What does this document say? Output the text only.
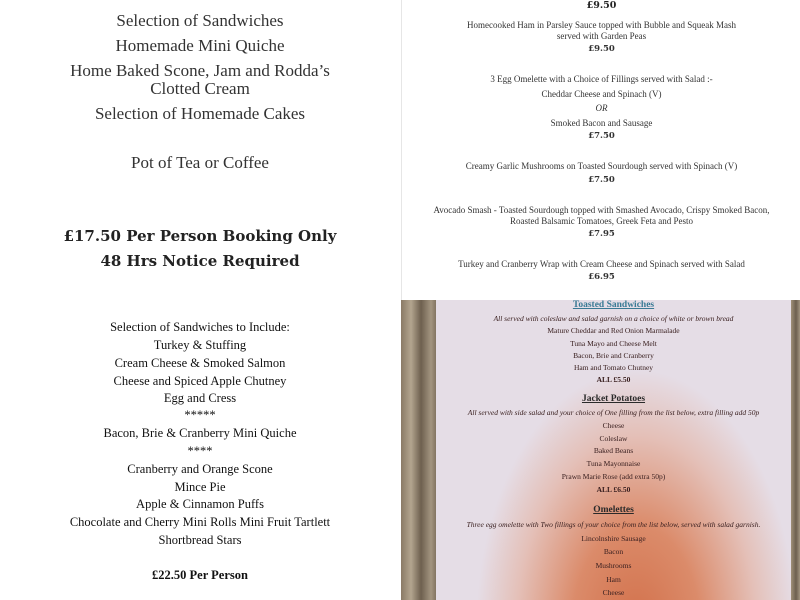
Selection of Sandwiches
Homemade Mini Quiche
Home Baked Scone, Jam and Rodda’s
Clotted Cream
Selection of Homemade Cakes
Pot of Tea or Coffee
£17.50 Per Person Booking Only
48 Hrs Notice Required
Selection of Sandwiches to Include:
Turkey & Stuffing
Cream Cheese & Smoked Salmon
Cheese and Spiced Apple Chutney
Egg and Cress
*****
Bacon, Brie & Cranberry Mini Quiche
****
Cranberry and Orange Scone
Mince Pie
Apple & Cinnamon Puffs
Chocolate and Cherry Mini Rolls Mini Fruit Tartlett
Shortbread Stars
£22.50 Per Person
£9.50
Homecooked Ham in Parsley Sauce topped with Bubble and Squeak Mash
served with Garden Peas
£9.50
3 Egg Omelette with a Choice of Fillings served with Salad :-
Cheddar Cheese and Spinach (V)
OR
Smoked Bacon and Sausage
£7.50
Creamy Garlic Mushrooms on Toasted Sourdough served with Spinach (V)
£7.50
Avocado Smash - Toasted Sourdough topped with Smashed Avocado, Crispy Smoked Bacon,
Roasted Balsamic Tomatoes, Greek Feta and Pesto
£7.95
Turkey and Cranberry Wrap with Cream Cheese and Spinach served with Salad
£6.95
Toasted Sandwiches
All served with coleslaw and salad garnish on a choice of white or brown bread
Mature Cheddar and Red Onion Marmalade
Tuna Mayo and Cheese Melt
Bacon, Brie and Cranberry
Ham and Tomato Chutney
ALL £5.50
Jacket Potatoes
All served with side salad and your choice of One filling from the list below, extra filling add 50p
Cheese
Coleslaw
Baked Beans
Tuna Mayonnaise
Prawn Marie Rose (add extra 50p)
ALL £6.50
Omelettes
Three egg omelette with Two fillings of your choice from the list below, served with salad garnish.
Lincolnshire Sausage
Bacon
Mushrooms
Ham
Cheese
